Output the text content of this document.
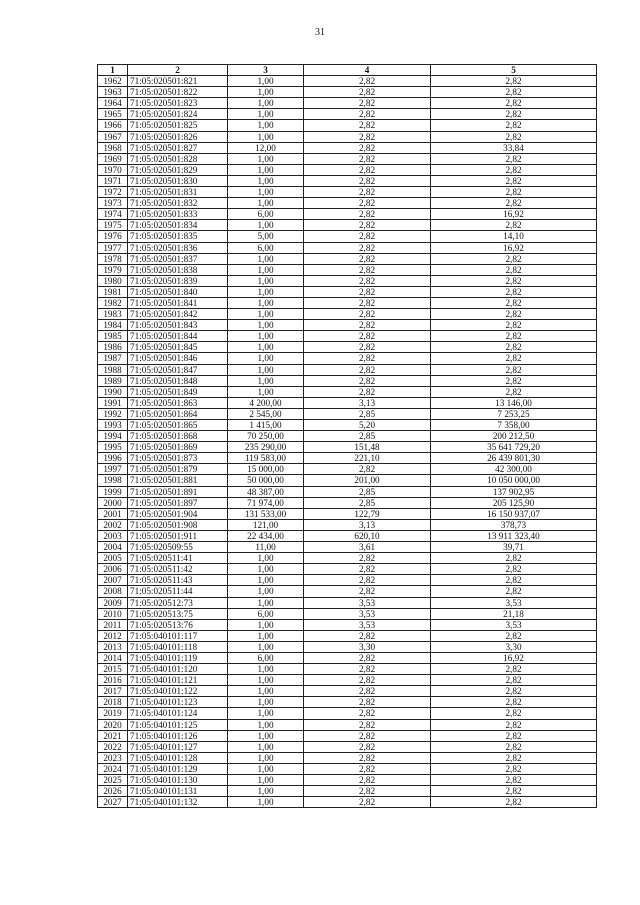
31
1	2	3	4	5
1962	71:05:020501:821	1,00	2,82	2,82
1963	71:05:020501:822	1,00	2,82	2,82
1964	71:05:020501:823	1,00	2,82	2,82
1965	71:05:020501:824	1,00	2,82	2,82
1966	71:05:020501:825	1,00	2,82	2,82
1967	71:05:020501:826	1,00	2,82	2,82
1968	71:05:020501:827	12,00	2,82	33,84
1969	71:05:020501:828	1,00	2,82	2,82
1970	71:05:020501:829	1,00	2,82	2,82
1971	71:05:020501:830	1,00	2,82	2,82
1972	71:05:020501:831	1,00	2,82	2,82
1973	71:05:020501:832	1,00	2,82	2,82
1974	71:05:020501:833	6,00	2,82	16,92
1975	71:05:020501:834	1,00	2,82	2,82
1976	71:05:020501:835	5,00	2,82	14,10
1977	71:05:020501:836	6,00	2,82	16,92
1978	71:05:020501:837	1,00	2,82	2,82
1979	71:05:020501:838	1,00	2,82	2,82
1980	71:05:020501:839	1,00	2,82	2,82
1981	71:05:020501:840	1,00	2,82	2,82
1982	71:05:020501:841	1,00	2,82	2,82
1983	71:05:020501:842	1,00	2,82	2,82
1984	71:05:020501:843	1,00	2,82	2,82
1985	71:05:020501:844	1,00	2,82	2,82
1986	71:05:020501:845	1,00	2,82	2,82
1987	71:05:020501:846	1,00	2,82	2,82
1988	71:05:020501:847	1,00	2,82	2,82
1989	71:05:020501:848	1,00	2,82	2,82
1990	71:05:020501:849	1,00	2,82	2,82
1991	71:05:020501:863	4 200,00	3,13	13 146,00
1992	71:05:020501:864	2 545,00	2,85	7 253,25
1993	71:05:020501:865	1 415,00	5,20	7 358,00
1994	71:05:020501:868	70 250,00	2,85	200 212,50
1995	71:05:020501:869	235 290,00	151,48	35 641 729,20
1996	71:05:020501:873	119 583,00	221,10	26 439 801,30
1997	71:05:020501:879	15 000,00	2,82	42 300,00
1998	71:05:020501:881	50 000,00	201,00	10 050 000,00
1999	71:05:020501:891	48 387,00	2,85	137 902,95
2000	71:05:020501:897	71 974,00	2,85	205 125,90
2001	71:05:020501:904	131 533,00	122,79	16 150 937,07
2002	71:05:020501:908	121,00	3,13	378,73
2003	71:05:020501:911	22 434,00	620,10	13 911 323,40
2004	71:05:020509:55	11,00	3,61	39,71
2005	71:05:020511:41	1,00	2,82	2,82
2006	71:05:020511:42	1,00	2,82	2,82
2007	71:05:020511:43	1,00	2,82	2,82
2008	71:05:020511:44	1,00	2,82	2,82
2009	71:05:020512:73	1,00	3,53	3,53
2010	71:05:020513:75	6,00	3,53	21,18
2011	71:05:020513:76	1,00	3,53	3,53
2012	71:05:040101:117	1,00	2,82	2,82
2013	71:05:040101:118	1,00	3,30	3,30
2014	71:05:040101:119	6,00	2,82	16,92
2015	71:05:040101:120	1,00	2,82	2,82
2016	71:05:040101:121	1,00	2,82	2,82
2017	71:05:040101:122	1,00	2,82	2,82
2018	71:05:040101:123	1,00	2,82	2,82
2019	71:05:040101:124	1,00	2,82	2,82
2020	71:05:040101:125	1,00	2,82	2,82
2021	71:05:040101:126	1,00	2,82	2,82
2022	71:05:040101:127	1,00	2,82	2,82
2023	71:05:040101:128	1,00	2,82	2,82
2024	71:05:040101:129	1,00	2,82	2,82
2025	71:05:040101:130	1,00	2,82	2,82
2026	71:05:040101:131	1,00	2,82	2,82
2027	71:05:040101:132	1,00	2,82	2,82
